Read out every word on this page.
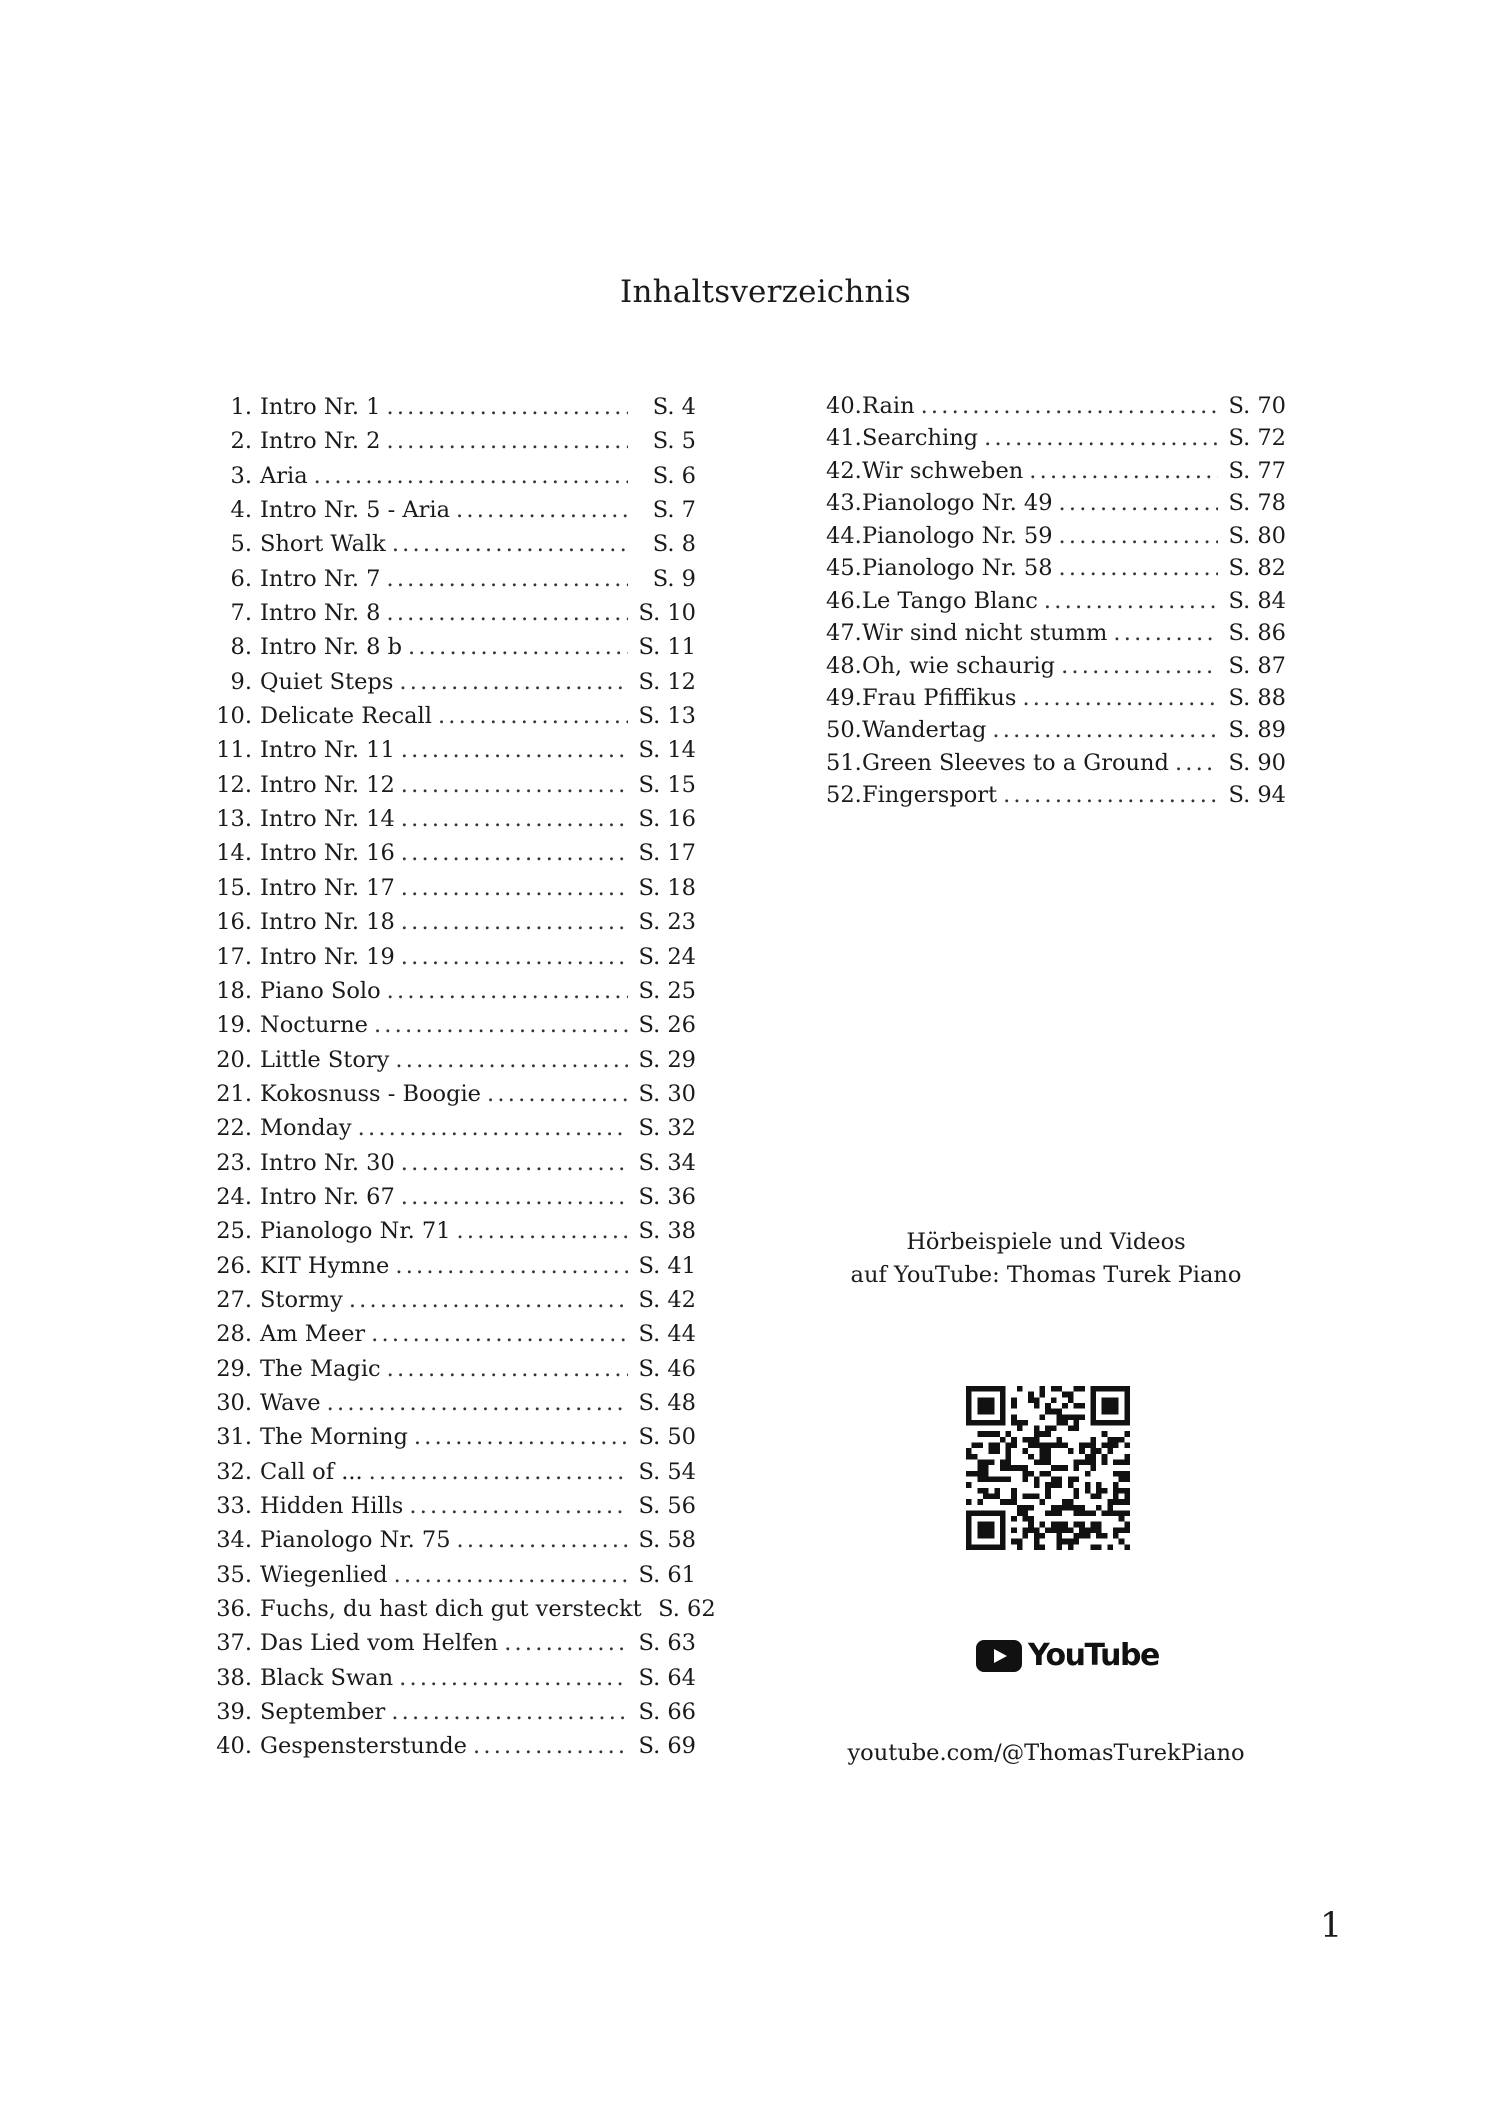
Inhaltsverzeichnis
1. Intro Nr. 1 .....	S. 4
2. Intro Nr. 2 .....	S. 5
3. Aria .....	S. 6
4. Intro Nr. 5 - Aria .....	S. 7
5. Short Walk .....	S. 8
6. Intro Nr. 7 .....	S. 9
7. Intro Nr. 8 .....	S. 10
8. Intro Nr. 8 b .....	S. 11
9. Quiet Steps .....	S. 12
10. Delicate Recall .....	S. 13
11. Intro Nr. 11 .....	S. 14
12. Intro Nr. 12 .....	S. 15
13. Intro Nr. 14 .....	S. 16
14. Intro Nr. 16 .....	S. 17
15. Intro Nr. 17 .....	S. 18
16. Intro Nr. 18 .....	S. 23
17. Intro Nr. 19 .....	S. 24
18. Piano Solo .....	S. 25
19. Nocturne .....	S. 26
20. Little Story .....	S. 29
21. Kokosnuss - Boogie .....	S. 30
22. Monday .....	S. 32
23. Intro Nr. 30 .....	S. 34
24. Intro Nr. 67 .....	S. 36
25. Pianologo Nr. 71 .....	S. 38
26. KIT Hymne .....	S. 41
27. Stormy .....	S. 42
28. Am Meer .....	S. 44
29. The Magic .....	S. 46
30. Wave .....	S. 48
31. The Morning .....	S. 50
32. Call of ... .....	S. 54
33. Hidden Hills .....	S. 56
34. Pianologo Nr. 75 .....	S. 58
35. Wiegenlied .....	S. 61
36. Fuchs, du hast dich gut versteckt S. 62
37. Das Lied vom Helfen .....	S. 63
38. Black Swan .....	S. 64
39. September .....	S. 66
40. Gespensterstunde .....	S. 69
40. Rain .....	S. 70
41. Searching .....	S. 72
42. Wir schweben .....	S. 77
43. Pianologo Nr. 49 .....	S. 78
44. Pianologo Nr. 59 .....	S. 80
45. Pianologo Nr. 58 .....	S. 82
46. Le Tango Blanc .....	S. 84
47. Wir sind nicht stumm .....	S. 86
48. Oh, wie schaurig .....	S. 87
49. Frau Pfiffikus .....	S. 88
50. Wandertag .....	S. 89
51. Green Sleeves to a Ground .....	S. 90
52. Fingersport .....	S. 94
Hörbeispiele und Videos
auf YouTube: Thomas Turek Piano
YouTube
youtube.com/@ThomasTurekPiano
1
